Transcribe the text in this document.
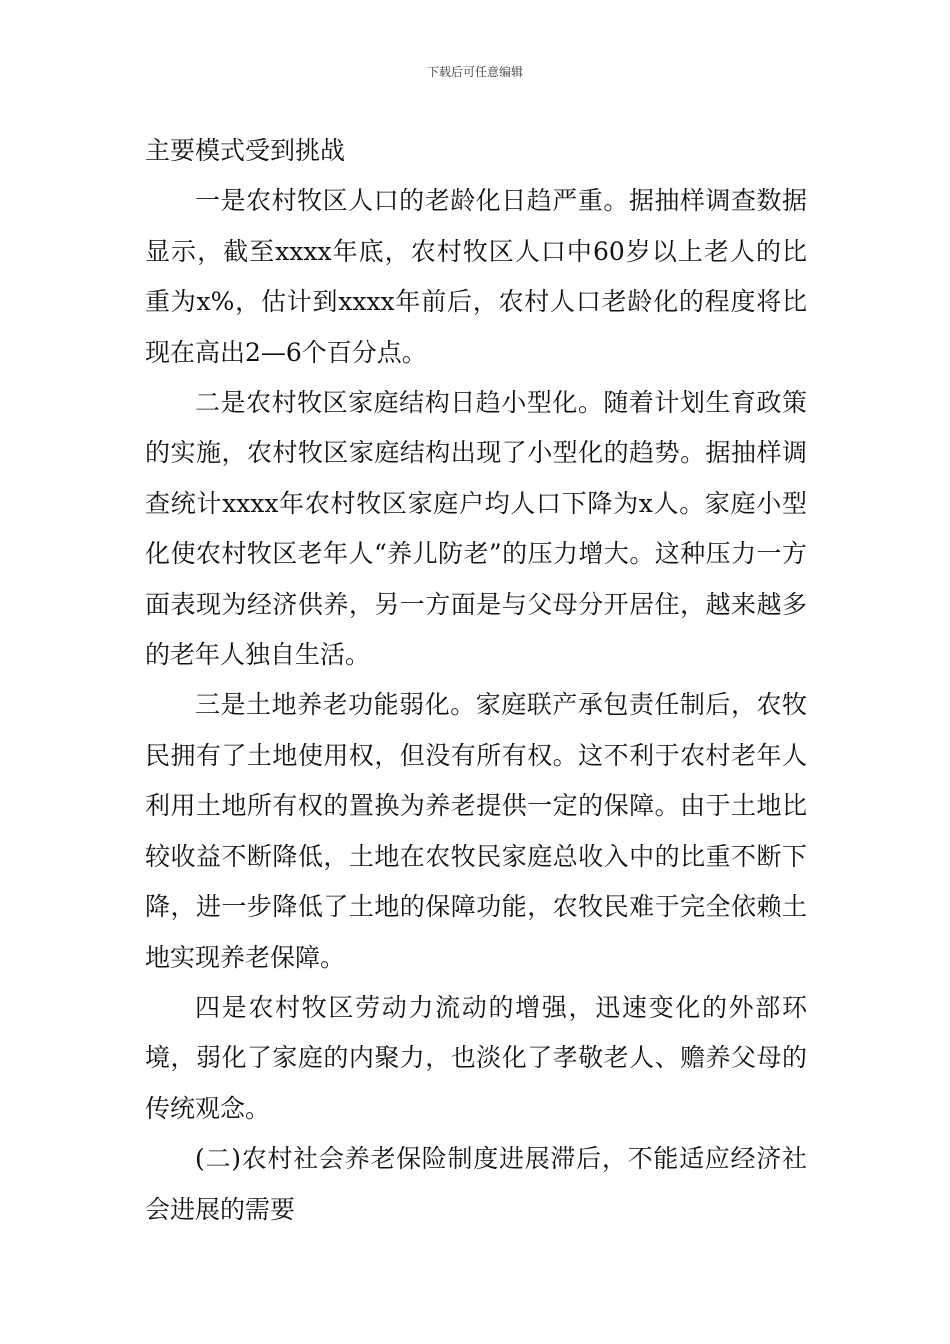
下载后可任意编辑

主要模式受到挑战

一是农村牧区人口的老龄化日趋严重。据抽样调查数据显示，截至xxxx年底，农村牧区人口中60岁以上老人的比重为x%，估计到xxxx年前后，农村人口老龄化的程度将比现在高出2—6个百分点。

二是农村牧区家庭结构日趋小型化。随着计划生育政策的实施，农村牧区家庭结构出现了小型化的趋势。据抽样调查统计xxxx年农村牧区家庭户均人口下降为x人。家庭小型化使农村牧区老年人“养儿防老”的压力增大。这种压力一方面表现为经济供养，另一方面是与父母分开居住，越来越多的老年人独自生活。

三是土地养老功能弱化。家庭联产承包责任制后，农牧民拥有了土地使用权，但没有所有权。这不利于农村老年人利用土地所有权的置换为养老提供一定的保障。由于土地比较收益不断降低，土地在农牧民家庭总收入中的比重不断下降，进一步降低了土地的保障功能，农牧民难于完全依赖土地实现养老保障。

四是农村牧区劳动力流动的增强，迅速变化的外部环境，弱化了家庭的内聚力，也淡化了孝敬老人、赡养父母的传统观念。

(二)农村社会养老保险制度进展滞后，不能适应经济社会进展的需要
